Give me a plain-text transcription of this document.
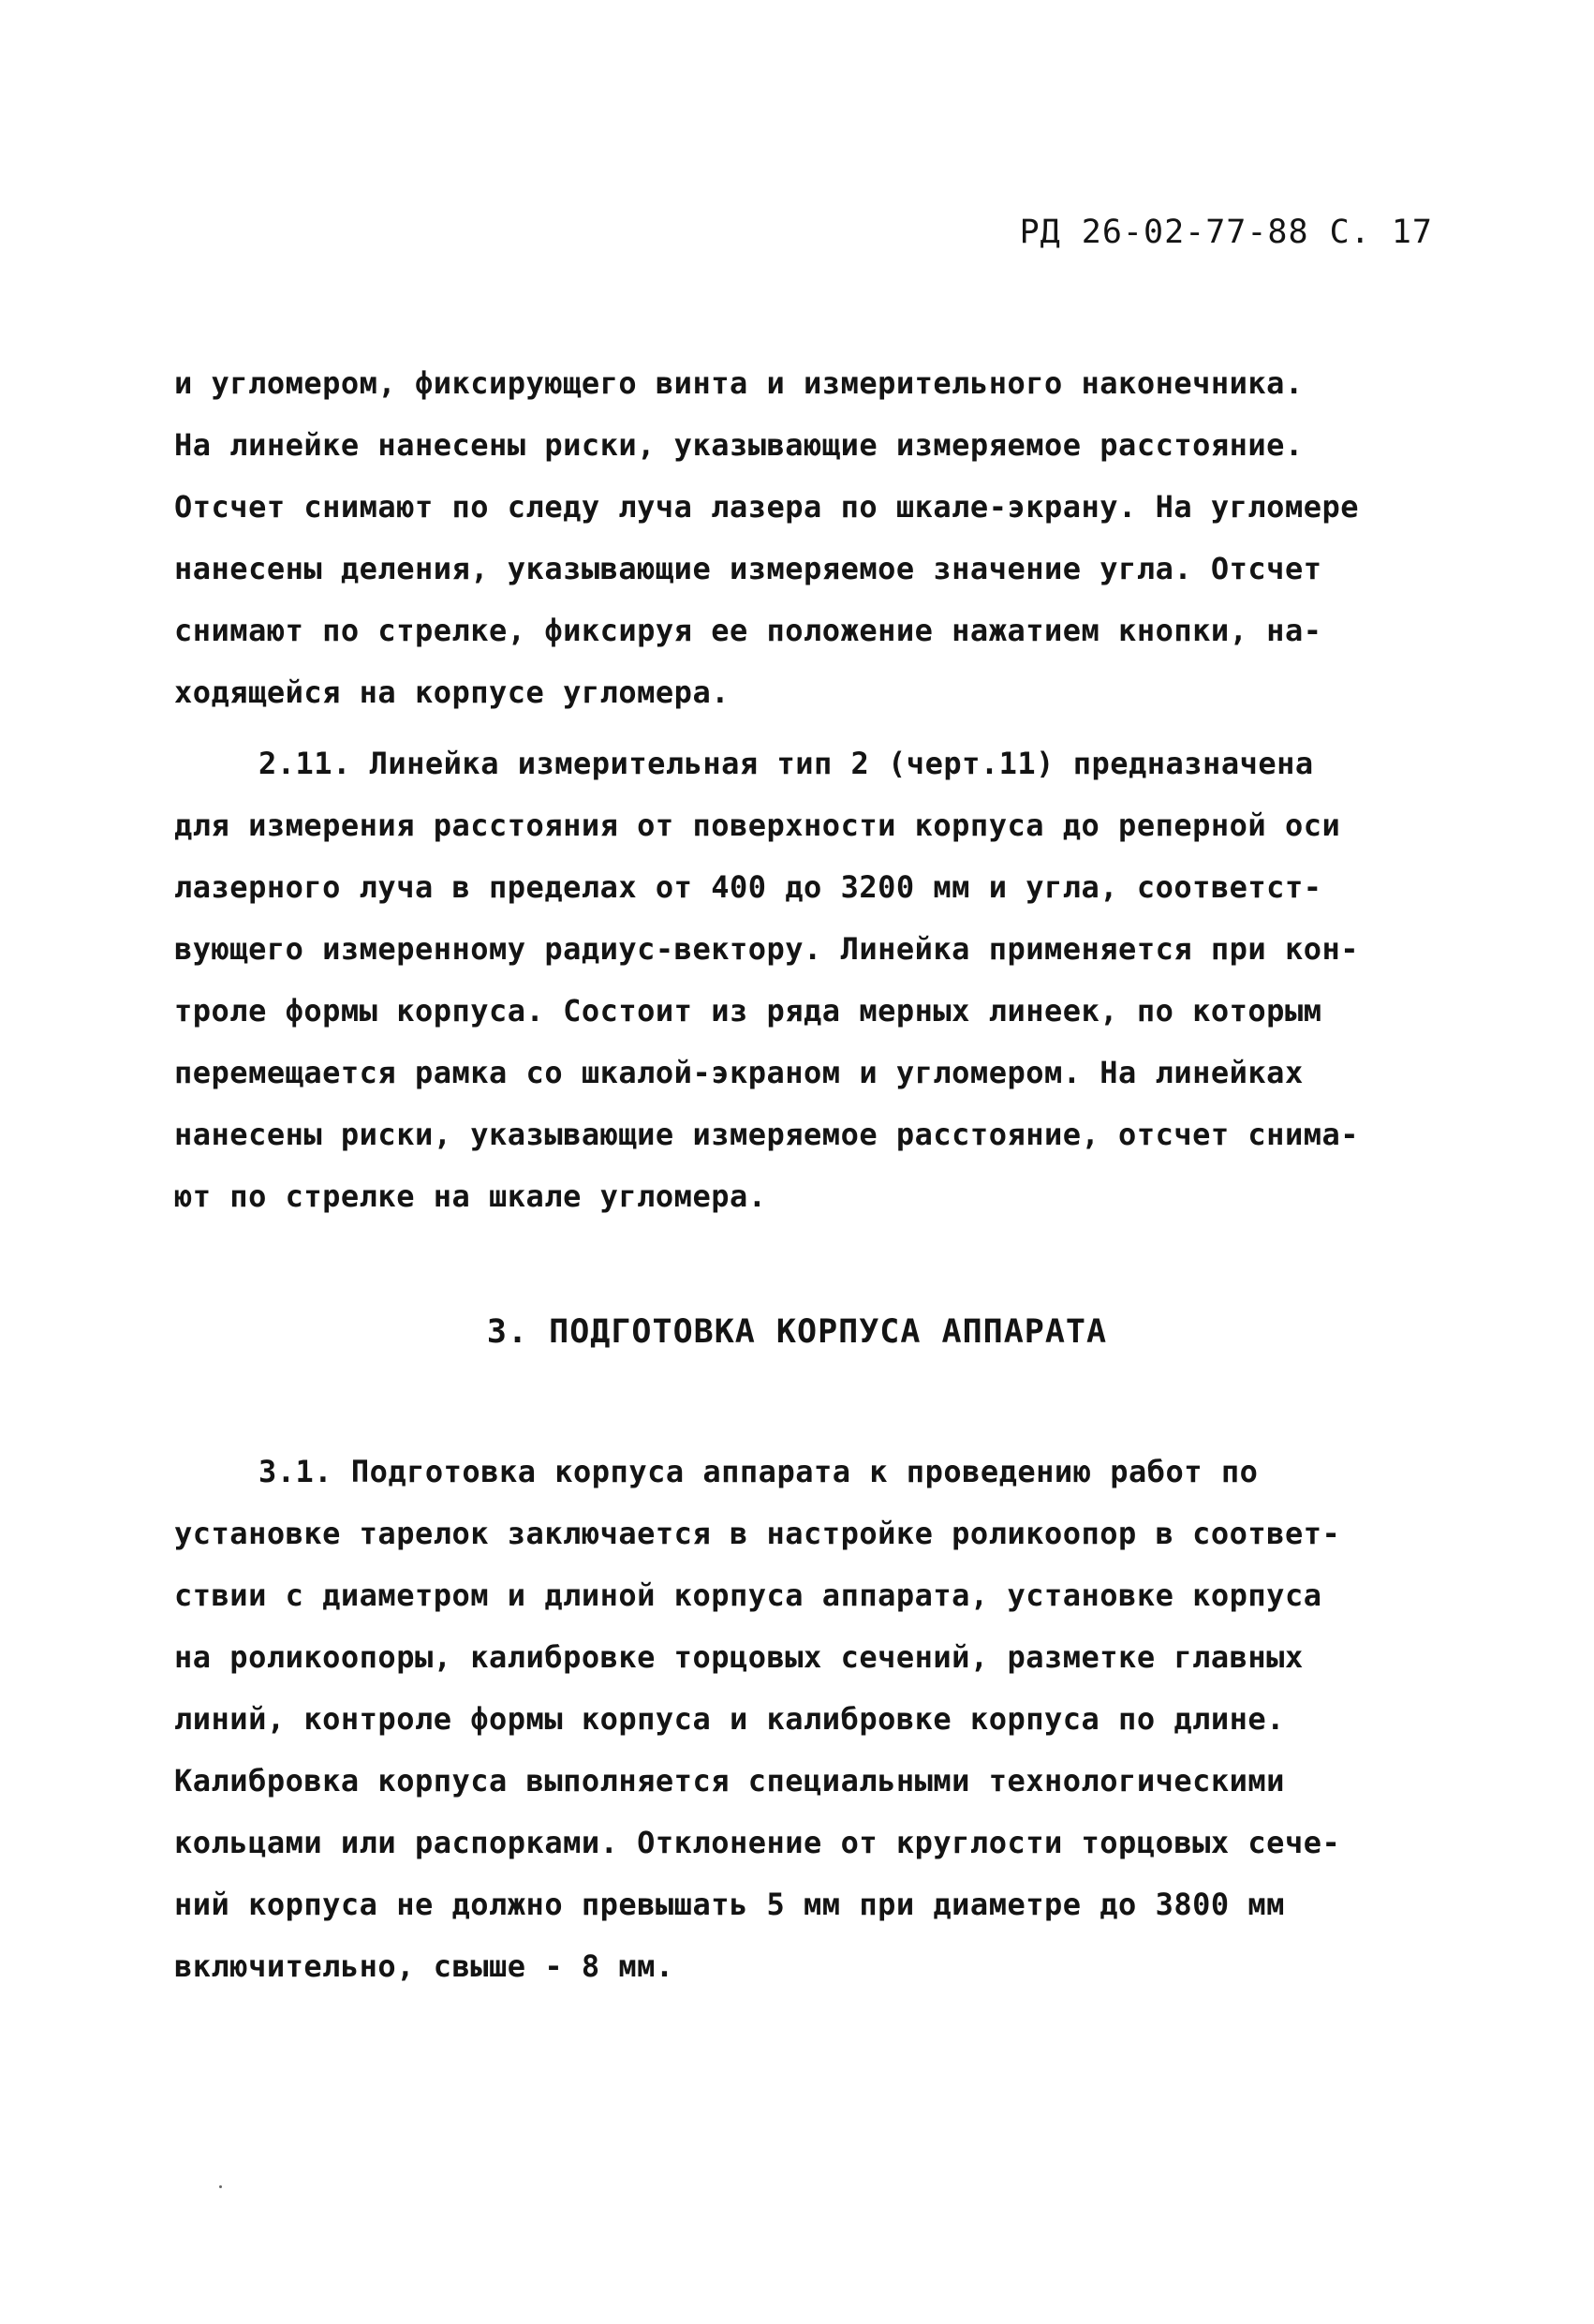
РД 26-02-77-88 С. 17
и угломером, фиксирующего винта и измерительного наконечника.
На линейке нанесены риски, указывающие измеряемое расстояние.
Отсчет снимают по следу луча лазера по шкале-экрану. На угломере
нанесены деления, указывающие измеряемое значение угла. Отсчет
снимают по стрелке, фиксируя ее положение нажатием кнопки, на-
ходящейся на корпусе угломера.
2.11. Линейка измерительная тип 2 (черт.11) предназначена
для измерения расстояния от поверхности корпуса до реперной оси
лазерного луча в пределах от 400 до 3200 мм и угла, соответст-
вующего измеренному радиус-вектору. Линейка применяется при кон-
троле формы корпуса. Состоит из ряда мерных линеек, по которым
перемещается рамка со шкалой-экраном и угломером. На линейках
нанесены риски, указывающие измеряемое расстояние, отсчет снима-
ют по стрелке на шкале угломера.
3. ПОДГОТОВКА КОРПУСА АППАРАТА
3.1. Подготовка корпуса аппарата к проведению работ по
установке тарелок заключается в настройке роликоопор в соответ-
ствии с диаметром и длиной корпуса аппарата, установке корпуса
на роликоопоры, калибровке торцовых сечений, разметке главных
линий, контроле формы корпуса и калибровке корпуса по длине.
Калибровка корпуса выполняется специальными технологическими
кольцами или распорками. Отклонение от круглости торцовых сече-
ний корпуса не должно превышать 5 мм при диаметре до 3800 мм
включительно, свыше - 8 мм.
